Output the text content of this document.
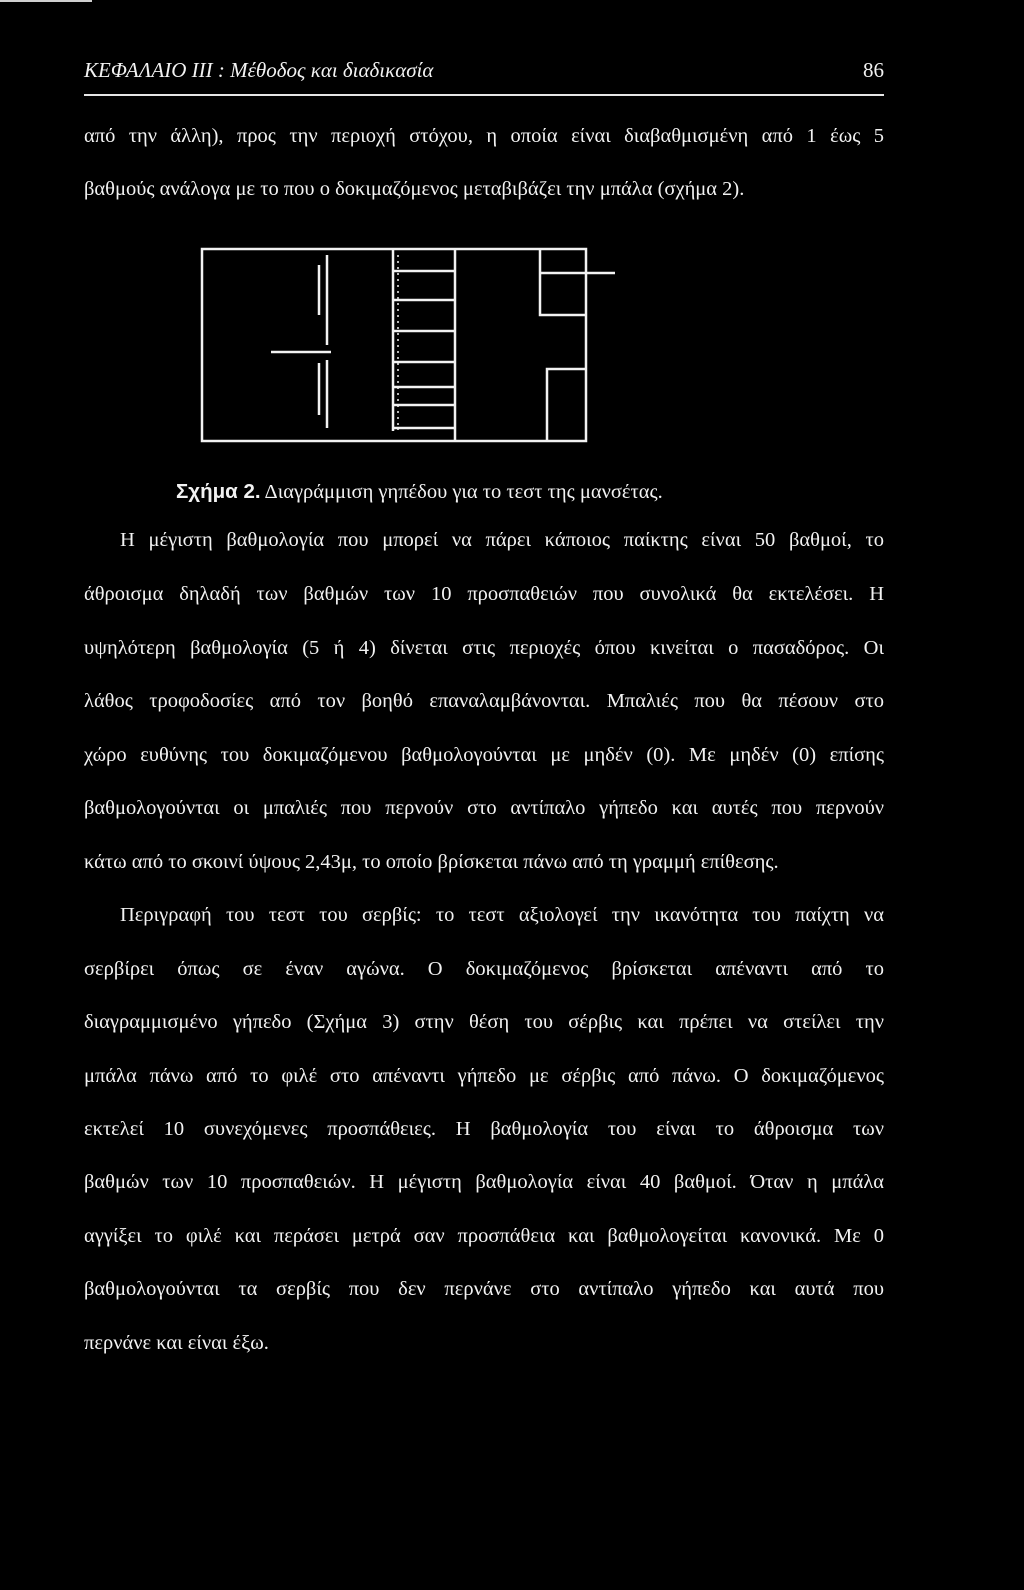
ΚΕΦΑΛΑΙΟ ΙΙΙ : Μέθοδος και διαδικασία	86
από την άλλη), προς την περιοχή στόχου, η οποία είναι διαβαθμισμένη από 1 έως 5
βαθμούς ανάλογα με το που ο δοκιμαζόμενος μεταβιβάζει την μπάλα (σχήμα 2).
Σχήμα 2. Διαγράμμιση γηπέδου για το τεστ της μανσέτας.
Η μέγιστη βαθμολογία που μπορεί να πάρει κάποιος παίκτης είναι 50 βαθμοί, το
άθροισμα δηλαδή των βαθμών των 10 προσπαθειών που συνολικά θα εκτελέσει. Η
υψηλότερη βαθμολογία (5 ή 4) δίνεται στις περιοχές όπου κινείται ο πασαδόρος. Οι
λάθος τροφοδοσίες από τον βοηθό επαναλαμβάνονται. Μπαλιές που θα πέσουν στο
χώρο ευθύνης του δοκιμαζόμενου βαθμολογούνται με μηδέν (0). Με μηδέν (0) επίσης
βαθμολογούνται οι μπαλιές που περνούν στο αντίπαλο γήπεδο και αυτές που περνούν
κάτω από το σκοινί ύψους 2,43μ, το οποίο βρίσκεται πάνω από τη γραμμή επίθεσης.
Περιγραφή του τεστ του σερβίς: το τεστ αξιολογεί την ικανότητα του παίχτη να
σερβίρει όπως σε έναν αγώνα. Ο δοκιμαζόμενος βρίσκεται απέναντι από το
διαγραμμισμένο γήπεδο (Σχήμα 3) στην θέση του σέρβις και πρέπει να στείλει την
μπάλα πάνω από το φιλέ στο απέναντι γήπεδο με σέρβις από πάνω. Ο δοκιμαζόμενος
εκτελεί 10 συνεχόμενες προσπάθειες. Η βαθμολογία του είναι το άθροισμα των
βαθμών των 10 προσπαθειών. Η μέγιστη βαθμολογία είναι 40 βαθμοί. Όταν η μπάλα
αγγίξει το φιλέ και περάσει μετρά σαν προσπάθεια και βαθμολογείται κανονικά. Με 0
βαθμολογούνται τα σερβίς που δεν περνάνε στο αντίπαλο γήπεδο και αυτά που
περνάνε και είναι έξω.
